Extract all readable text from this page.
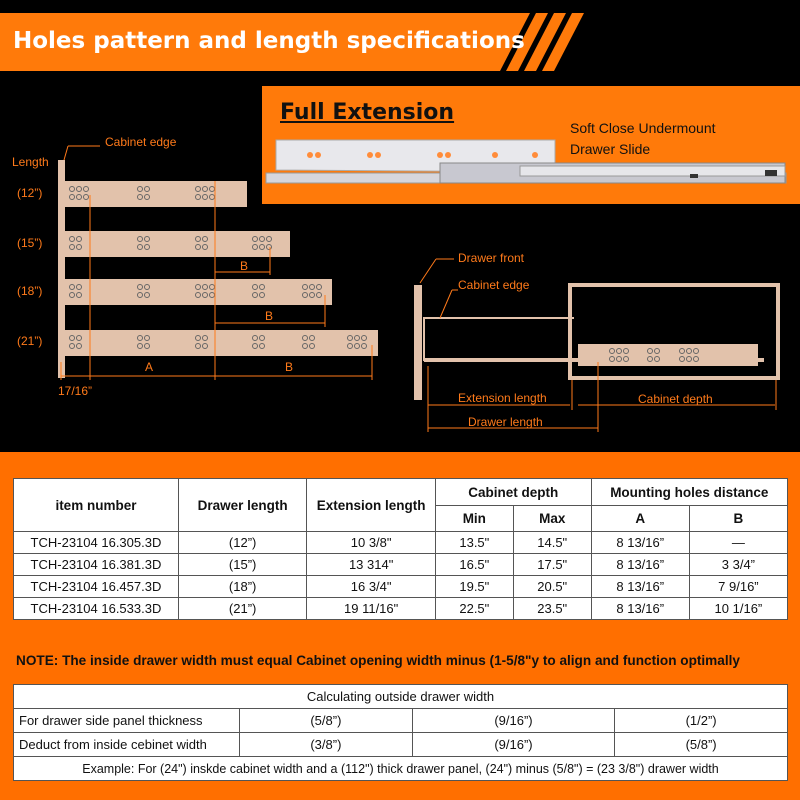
Holes pattern and length specifications
Full Extension
Soft Close Undermount
Drawer Slide
Cabinet edge
Length
(12”)
(15”)
(18”)
(21”)
B
B
A	B
17/16”
Drawer front
Cabinet edge
Extension length	Cabinet depth
Drawer length
item number	Drawer length	Extension length	Cabinet depth		Mounting holes distance	
			Min	Max	A	B
TCH-23104 16.305.3D	(12”)	10 3/8"	13.5"	14.5"	8 13/16”	—
TCH-23104 16.381.3D	(15”)	13 314"	16.5"	17.5"	8 13/16”	3 3/4”
TCH-23104 16.457.3D	(18”)	16 3/4"	19.5"	20.5"	8 13/16”	7 9/16”
TCH-23104 16.533.3D	(21”)	19 11/16"	22.5"	23.5"	8 13/16”	10 1/16”
NOTE: The inside drawer width must equal Cabinet opening width minus (1-5/8"y to align and function optimally
Calculating outside drawer width			
For drawer side panel thickness	(5/8”)	(9/16”)	(1/2”)
Deduct from inside cebinet width	(3/8”)	(9/16”)	(5/8”)
Example: For (24") inskde cabinet width and a (112") thick drawer panel, (24") minus (5/8") = (23 3/8") drawer width			
